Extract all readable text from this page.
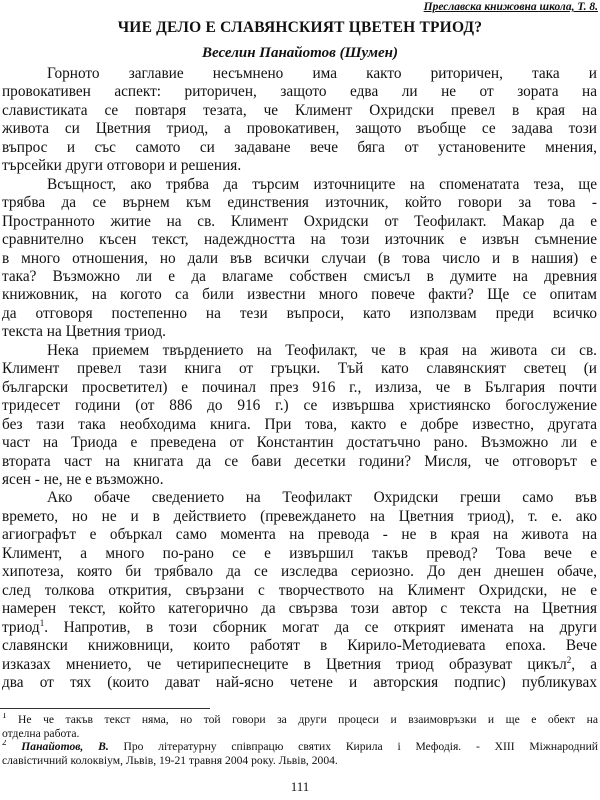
Преславска книжовна школа, Т. 8.
ЧИЕ ДЕЛО Е СЛАВЯНСКИЯТ ЦВЕТЕН ТРИОД?
Веселин Панайотов (Шумен)
Горното заглавие несъмнено има както риторичен, така и
провокативен аспект: риторичен, защото едва ли не от зората на
славистиката се повтаря тезата, че Климент Охридски превел в края на
живота си Цветния триод, а провокативен, защото въобще се задава този
въпрос и със самото си задаване вече бяга от установените мнения,
търсейки други отговори и решения.
Всъщност, ако трябва да търсим източниците на споменатата теза, ще
трябва да се върнем към единствения източник, който говори за това -
Пространното житие на св. Климент Охридски от Теофилакт. Макар да е
сравнително късен текст, надеждността на този източник е извън съмнение
в много отношения, но дали във всички случаи (в това число и в нашия) е
така? Възможно ли е да влагаме собствен смисъл в думите на древния
книжовник, на когото са били известни много повече факти? Ще се опитам
да отговоря постепенно на тези въпроси, като използвам преди всичко
текста на Цветния триод.
Нека приемем твърдението на Теофилакт, че в края на живота си св.
Климент превел тази книга от гръцки. Тъй като славянският светец (и
български просветител) е починал през 916 г., излиза, че в България почти
тридесет години (от 886 до 916 г.) се извършва християнско богослужение
без тази така необходима книга. При това, както е добре известно, другата
част на Триода е преведена от Константин достатъчно рано. Възможно ли е
втората част на книгата да се бави десетки години? Мисля, че отговорът е
ясен - не, не е възможно.
Ако обаче сведението на Теофилакт Охридски греши само във
времето, но не и в действието (превеждането на Цветния триод), т. е. ако
агиографът е объркал само момента на превода - не в края на живота на
Климент, а много по-рано се е извършил такъв превод? Това вече е
хипотеза, която би трябвало да се изследва сериозно. До ден днешен обаче,
след толкова открития, свързани с творчеството на Климент Охридски, не е
намерен текст, който категорично да свързва този автор с текста на Цветния
триод$^1$. Напротив, в този сборник могат да се открият имената на други
славянски книжовници, които работят в Кирило-Методиевата епоха. Вече
изказах мнението, че четирипеснеците в Цветния триод образуват цикъл$^2$, а
два от тях (които дават най-ясно четене и авторския подпис) публикувах
$^1$ Не че такъв текст няма, но той говори за други процеси и взаимовръзки и ще е обект на
отделна работа.
$^2$ Панайотов, В. Про літературну співпрацю святих Кирила і Мефодія. - XIII Міжнародний
славістичний колоквіум, Львів, 19-21 травня 2004 року. Львів, 2004.
111
